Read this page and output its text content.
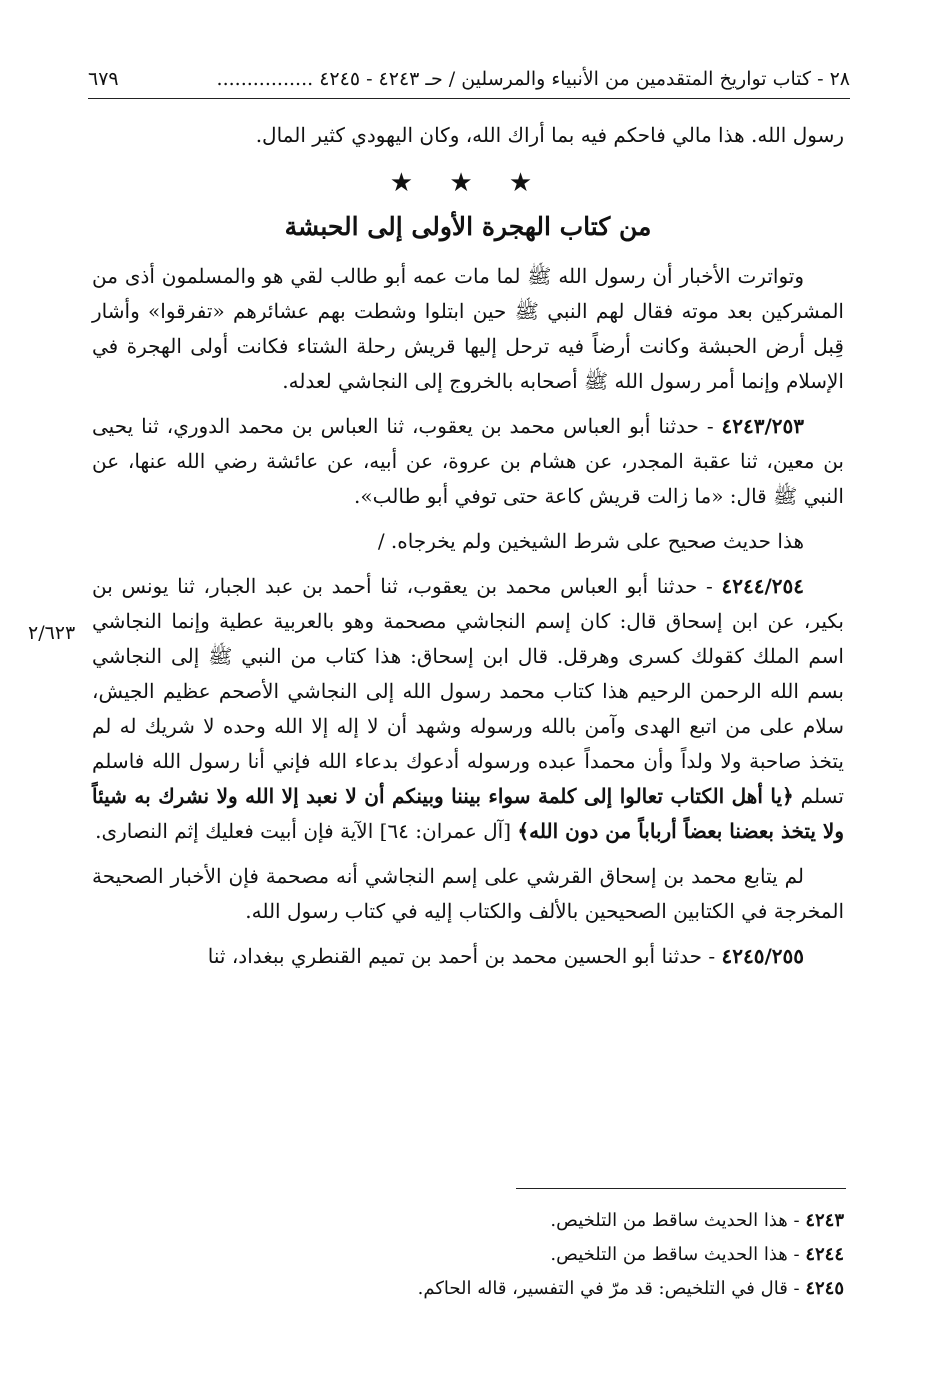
٢٨ - كتاب تواريخ المتقدمين من الأنبياء والمرسلين / حـ ٤٢٤٣ - ٤٢٤٥ ................
٦٧٩
٢/٦٢٣

رسول الله. هذا مالي فاحكم فيه بما أراك الله، وكان اليهودي كثير المال.

★ ★ ★
من كتاب الهجرة الأولى إلى الحبشة

وتواترت الأخبار أن رسول الله ﷺ لما مات عمه أبو طالب لقي هو والمسلمون أذى من المشركين بعد موته فقال لهم النبي ﷺ حين ابتلوا وشطت بهم عشائرهم «تفرقوا» وأشار قِبل أرض الحبشة وكانت أرضاً فيه ترحل إليها قريش رحلة الشتاء فكانت أولى الهجرة في الإسلام وإنما أمر رسول الله ﷺ أصحابه بالخروج إلى النجاشي لعدله.

٤٢٤٣/٢٥٣ - حدثنا أبو العباس محمد بن يعقوب، ثنا العباس بن محمد الدوري، ثنا يحيى بن معين، ثنا عقبة المجدر، عن هشام بن عروة، عن أبيه، عن عائشة رضي الله عنها، عن النبي ﷺ قال: «ما زالت قريش كاعة حتى توفي أبو طالب».

هذا حديث صحيح على شرط الشيخين ولم يخرجاه. /

٤٢٤٤/٢٥٤ - حدثنا أبو العباس محمد بن يعقوب، ثنا أحمد بن عبد الجبار، ثنا يونس بن بكير، عن ابن إسحاق قال: كان إسم النجاشي مصحمة وهو بالعربية عطية وإنما النجاشي اسم الملك كقولك كسرى وهرقل. قال ابن إسحاق: هذا كتاب من النبي ﷺ إلى النجاشي بسم الله الرحمن الرحيم هذا كتاب محمد رسول الله إلى النجاشي الأصحم عظيم الجيش، سلام على من اتبع الهدى وآمن بالله ورسوله وشهد أن لا إله إلا الله وحده لا شريك له لم يتخذ صاحبة ولا ولداً وأن محمداً عبده ورسوله أدعوك بدعاء الله فإني أنا رسول الله فاسلم تسلم ﴿يا أهل الكتاب تعالوا إلى كلمة سواء بيننا وبينكم أن لا نعبد إلا الله ولا نشرك به شيئاً ولا يتخذ بعضنا بعضاً أرباباً من دون الله﴾ [آل عمران: ٦٤] الآية فإن أبيت فعليك إثم النصارى.

لم يتابع محمد بن إسحاق القرشي على إسم النجاشي أنه مصحمة فإن الأخبار الصحيحة المخرجة في الكتابين الصحيحين بالألف والكتاب إليه في كتاب رسول الله.

٤٢٤٥/٢٥٥ - حدثنا أبو الحسين محمد بن أحمد بن تميم القنطري ببغداد، ثنا

٤٢٤٣ - هذا الحديث ساقط من التلخيص.
٤٢٤٤ - هذا الحديث ساقط من التلخيص.
٤٢٤٥ - قال في التلخيص: قد مرّ في التفسير، قاله الحاكم.
